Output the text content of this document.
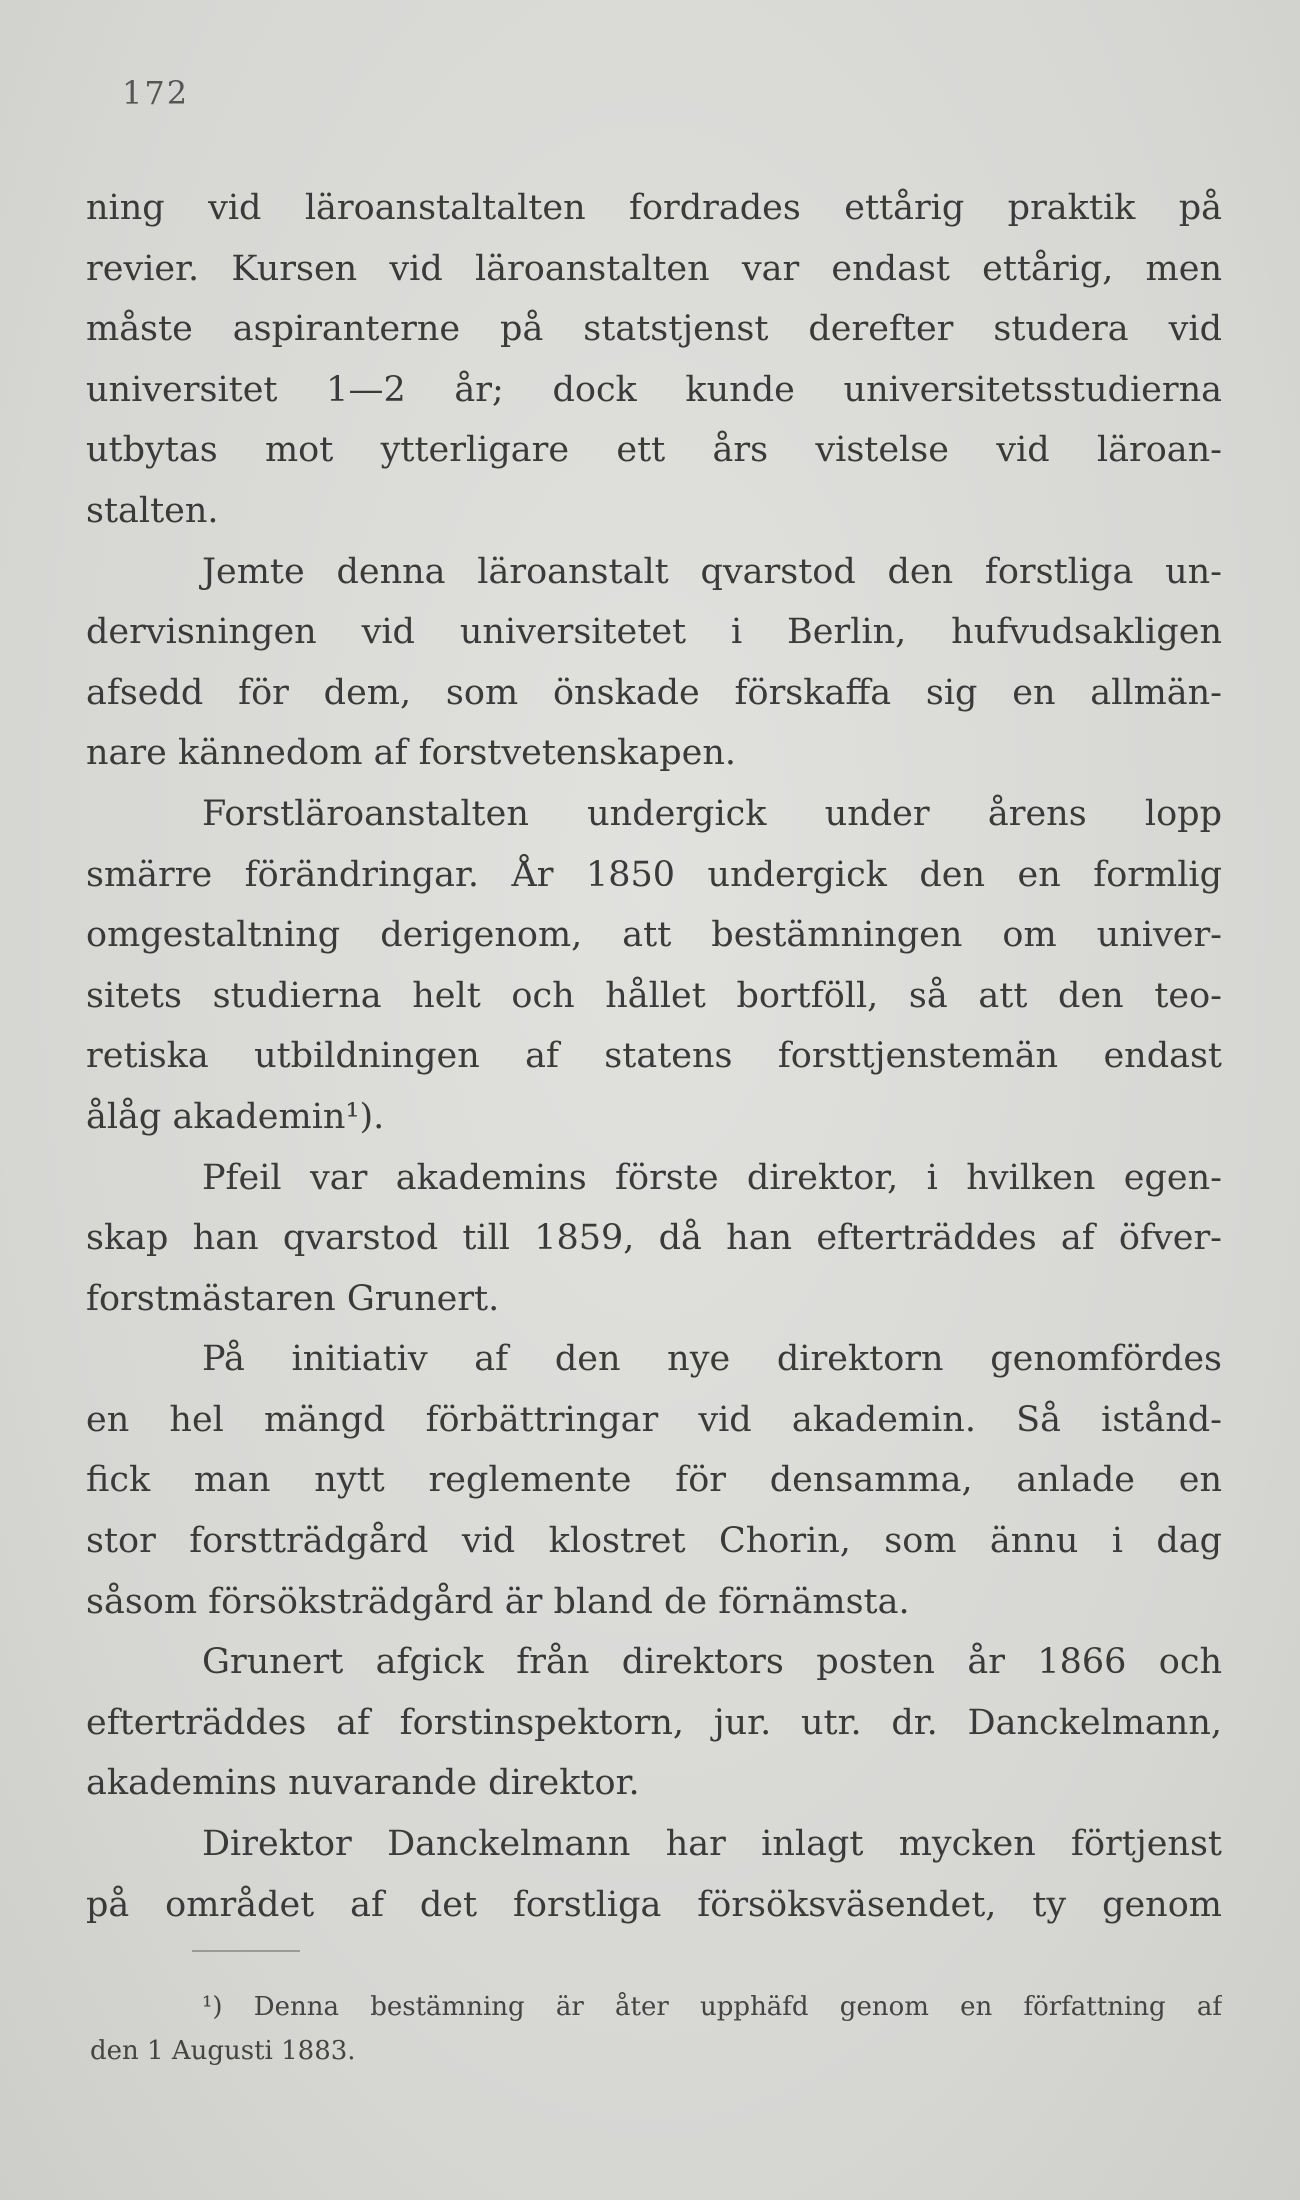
172
ning vid läroanstaltalten fordrades ettårig praktik på
revier. Kursen vid läroanstalten var endast ettårig, men
måste aspiranterne på statstjenst derefter studera vid
universitet 1—2 år; dock kunde universitetsstudierna
utbytas mot ytterligare ett års vistelse vid läroan-
stalten.
Jemte denna läroanstalt qvarstod den forstliga un-
dervisningen vid universitetet i Berlin, hufvudsakligen
afsedd för dem, som önskade förskaffa sig en allmän-
nare kännedom af forstvetenskapen.
Forstläroanstalten undergick under årens lopp
smärre förändringar. År 1850 undergick den en formlig
omgestaltning derigenom, att bestämningen om univer-
sitets studierna helt och hållet bortföll, så att den teo-
retiska utbildningen af statens forsttjenstemän endast
ålåg akademin¹).
Pfeil var akademins förste direktor, i hvilken egen-
skap han qvarstod till 1859, då han efterträddes af öfver-
forstmästaren Grunert.
På initiativ af den nye direktorn genomfördes
en hel mängd förbättringar vid akademin. Så istånd-
fick man nytt reglemente för densamma, anlade en
stor forstträdgård vid klostret Chorin, som ännu i dag
såsom försöksträdgård är bland de förnämsta.
Grunert afgick från direktors posten år 1866 och
efterträddes af forstinspektorn, jur. utr. dr. Danckelmann,
akademins nuvarande direktor.
Direktor Danckelmann har inlagt mycken förtjenst
på området af det forstliga försöksväsendet, ty genom
¹) Denna bestämning är åter upphäfd genom en författning af
den 1 Augusti 1883.
